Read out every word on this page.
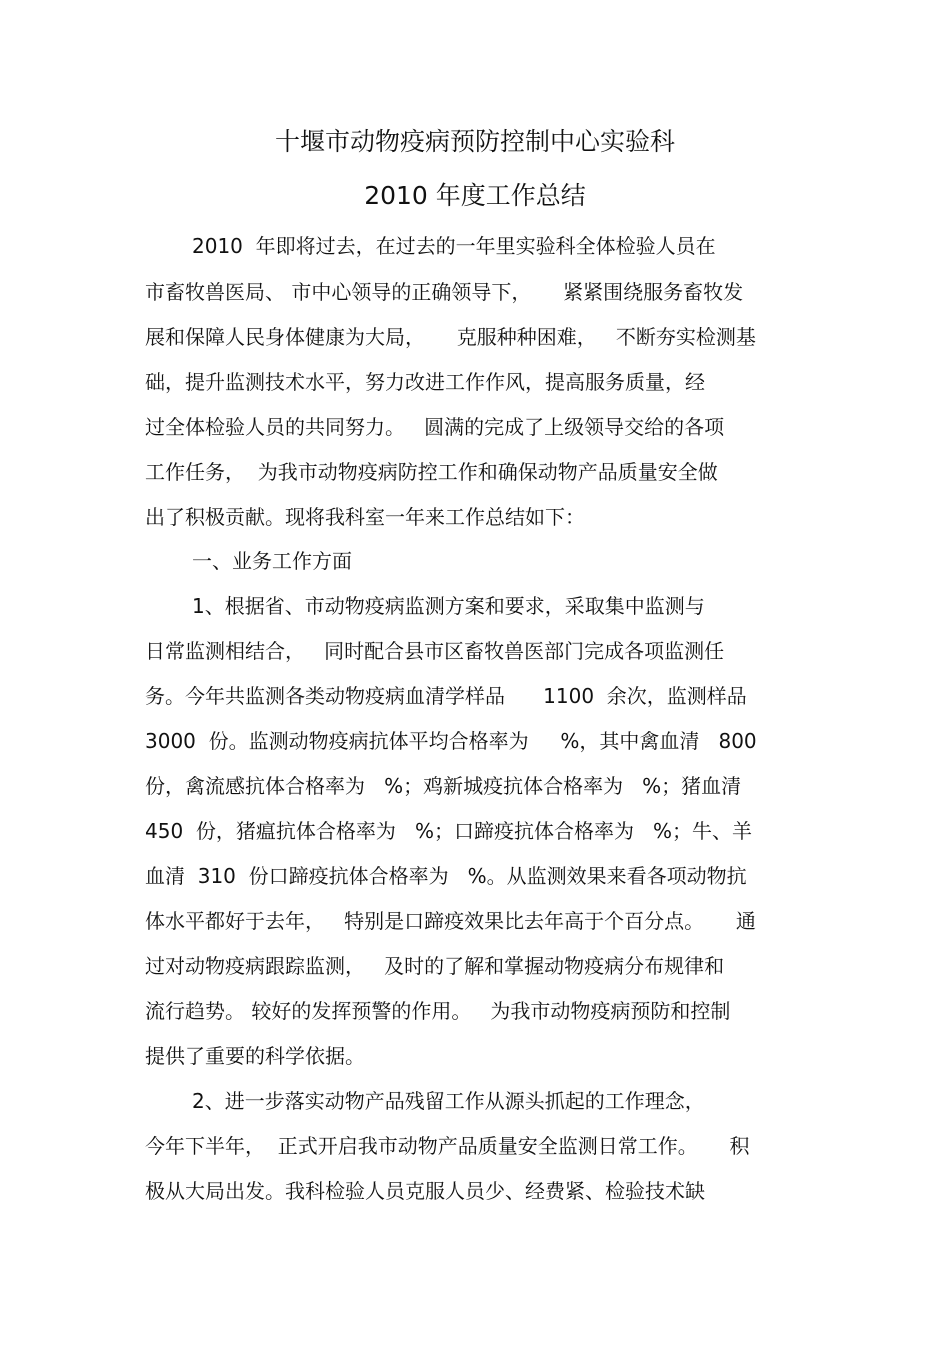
十堰市动物疫病预防控制中心实验科
2010 年度工作总结
2010  年即将过去，在过去的一年里实验科全体检验人员在
市畜牧兽医局、 市中心领导的正确领导下，     紧紧围绕服务畜牧发
展和保障人民身体健康为大局，     克服种种困难，   不断夯实检测基
础，提升监测技术水平，努力改进工作作风，提高服务质量，经
过全体检验人员的共同努力。   圆满的完成了上级领导交给的各项
工作任务，  为我市动物疫病防控工作和确保动物产品质量安全做
出了积极贡献。现将我科室一年来工作总结如下：
一、业务工作方面
1、根据省、市动物疫病监测方案和要求，采取集中监测与
日常监测相结合，   同时配合县市区畜牧兽医部门完成各项监测任
务。今年共监测各类动物疫病血清学样品      1100  余次，监测样品
3000  份。监测动物疫病抗体平均合格率为     %，其中禽血清   800
份，禽流感抗体合格率为   %；鸡新城疫抗体合格率为   %；猪血清
450  份，猪瘟抗体合格率为   %；口蹄疫抗体合格率为   %；牛、羊
血清  310  份口蹄疫抗体合格率为   %。从监测效果来看各项动物抗
体水平都好于去年，   特别是口蹄疫效果比去年高于个百分点。     通
过对动物疫病跟踪监测，   及时的了解和掌握动物疫病分布规律和
流行趋势。 较好的发挥预警的作用。   为我市动物疫病预防和控制
提供了重要的科学依据。
2、进一步落实动物产品残留工作从源头抓起的工作理念，
今年下半年，  正式开启我市动物产品质量安全监测日常工作。     积
极从大局出发。我科检验人员克服人员少、经费紧、检验技术缺
